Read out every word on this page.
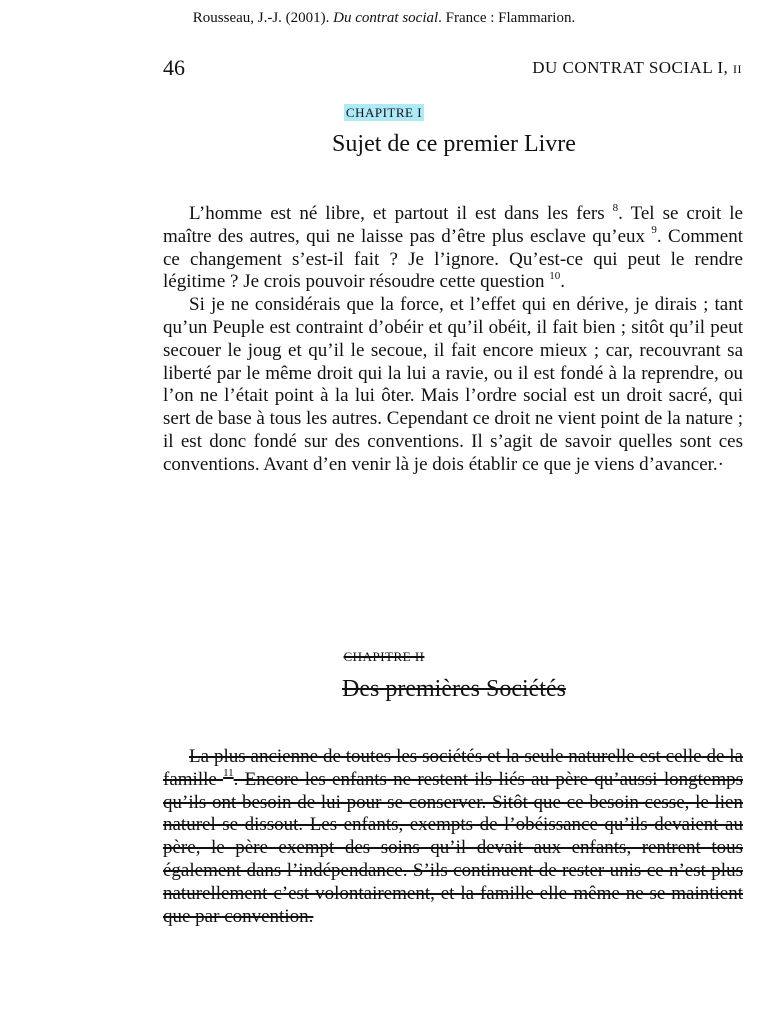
Rousseau, J.-J. (2001). Du contrat social. France : Flammarion.
46	DU CONTRAT SOCIAL I, II
CHAPITRE I
Sujet de ce premier Livre

L’homme est né libre, et partout il est dans les fers $^8$. Tel se croit le maître des autres, qui ne laisse pas d’être plus esclave qu’eux $^9$. Comment ce changement s’est-il fait ? Je l’ignore. Qu’est-ce qui peut le rendre légitime ? Je crois pouvoir résoudre cette question $^{10}$.

Si je ne considérais que la force, et l’effet qui en dérive, je dirais ; tant qu’un Peuple est contraint d’obéir et qu’il obéit, il fait bien ; sitôt qu’il peut secouer le joug et qu’il le secoue, il fait encore mieux ; car, recouvrant sa liberté par le même droit qui la lui a ravie, ou il est fondé à la reprendre, ou l’on ne l’était point à la lui ôter. Mais l’ordre social est un droit sacré, qui sert de base à tous les autres. Cependant ce droit ne vient point de la nature ; il est donc fondé sur des conventions. Il s’agit de savoir quelles sont ces conventions. Avant d’en venir là je dois établir ce que je viens d’avancer.·

CHAPITRE II
Des premières Sociétés

La plus ancienne de toutes les sociétés et la seule naturelle est celle de la famille $^{11}$. Encore les enfants ne restent-ils liés au père qu’aussi longtemps qu’ils ont besoin de lui pour se conserver. Sitôt que ce besoin cesse, le lien naturel se dissout. Les enfants, exempts de l’obéissance qu’ils devaient au père, le père exempt des soins qu’il devait aux enfants, rentrent tous également dans l’indépendance. S’ils continuent de rester unis ce n’est plus naturellement c’est volontairement, et la famille elle-même ne se maintient que par convention.
